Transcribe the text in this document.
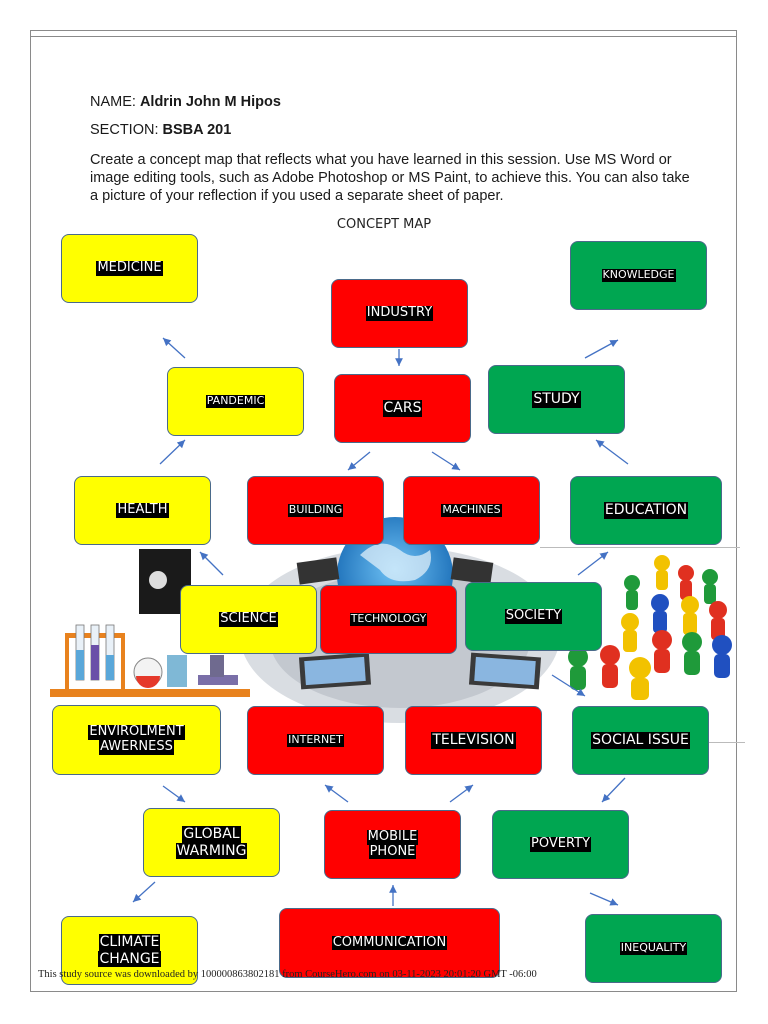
NAME: Aldrin John M Hipos
SECTION: BSBA 201
Create a concept map that reflects what you have learned in this session. Use MS Word or image editing tools, such as Adobe Photoshop or MS Paint, to achieve this. You can also take a picture of your reflection if you used a separate sheet of paper.
CONCEPT MAP
MEDICINE
PANDEMIC
HEALTH
SCIENCE
ENVIROLMENT
AWERNESS
GLOBAL
WARMING
CLIMATE
CHANGE
INDUSTRY
CARS
BUILDING	MACHINES
TECHNOLOGY
INTERNET	TELEVISION
MOBILE
PHONE
COMMUNICATION
KNOWLEDGE
STUDY
EDUCATION
SOCIETY
SOCIAL ISSUE
POVERTY
INEQUALITY
This study source was downloaded by 100000863802181 from CourseHero.com on 03-11-2023 20:01:20 GMT -06:00
